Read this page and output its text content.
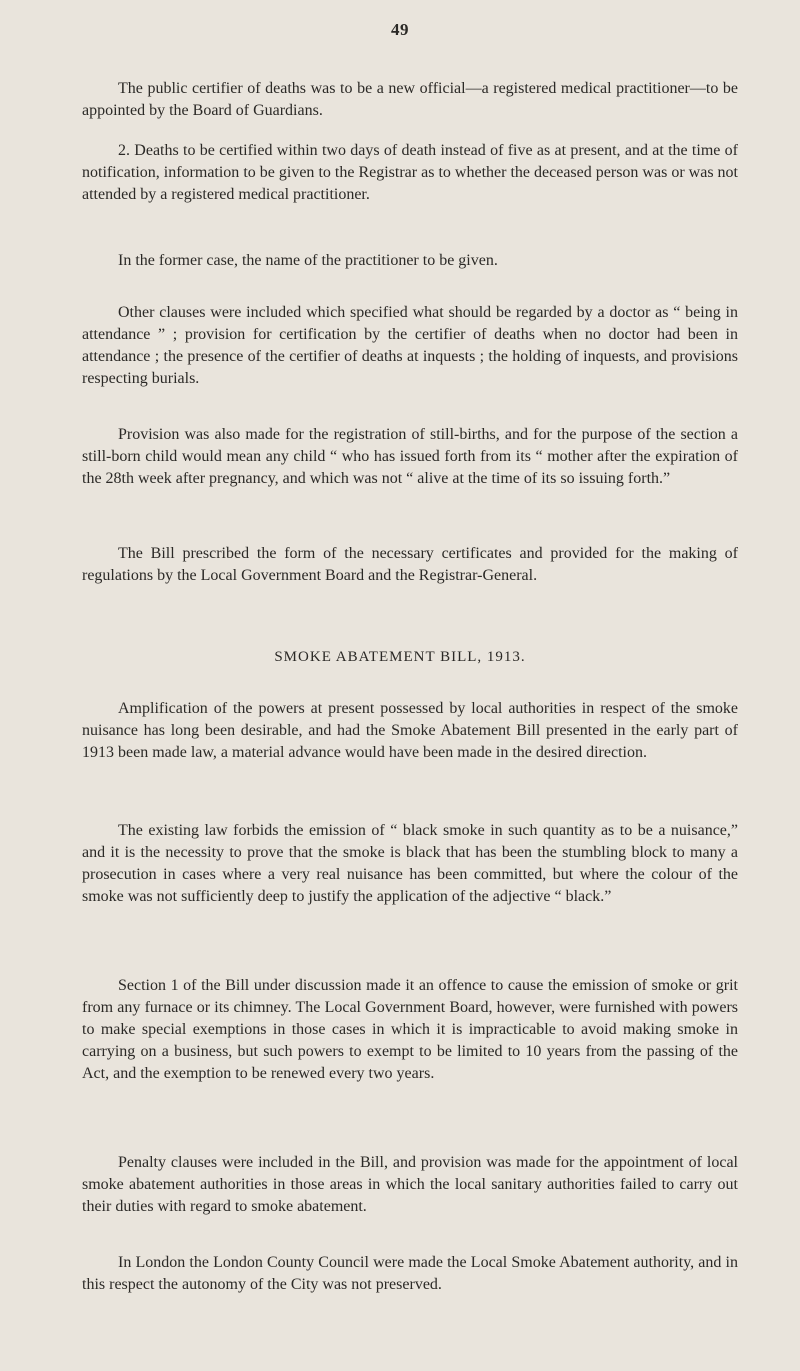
49

The public certifier of deaths was to be a new official—a registered medical practitioner—to be appointed by the Board of Guardians.

2. Deaths to be certified within two days of death instead of five as at present, and at the time of notification, information to be given to the Registrar as to whether the deceased person was or was not attended by a registered medical practitioner.

In the former case, the name of the practitioner to be given.

Other clauses were included which specified what should be regarded by a doctor as “ being in attendance ” ; provision for certification by the certifier of deaths when no doctor had been in attendance ; the presence of the certifier of deaths at inquests ; the holding of inquests, and provisions respecting burials.

Provision was also made for the registration of still-births, and for the purpose of the section a still-born child would mean any child “ who has issued forth from its “ mother after the expiration of the 28th week after pregnancy, and which was not “ alive at the time of its so issuing forth.”

The Bill prescribed the form of the necessary certificates and provided for the making of regulations by the Local Government Board and the Registrar-General.

SMOKE ABATEMENT BILL, 1913.

Amplification of the powers at present possessed by local authorities in respect of the smoke nuisance has long been desirable, and had the Smoke Abatement Bill presented in the early part of 1913 been made law, a material advance would have been made in the desired direction.

The existing law forbids the emission of “ black smoke in such quantity as to be a nuisance,” and it is the necessity to prove that the smoke is black that has been the stumbling block to many a prosecution in cases where a very real nuisance has been committed, but where the colour of the smoke was not sufficiently deep to justify the application of the adjective “ black.”

Section 1 of the Bill under discussion made it an offence to cause the emission of smoke or grit from any furnace or its chimney. The Local Government Board, however, were furnished with powers to make special exemptions in those cases in which it is impracticable to avoid making smoke in carrying on a business, but such powers to exempt to be limited to 10 years from the passing of the Act, and the exemption to be renewed every two years.

Penalty clauses were included in the Bill, and provision was made for the appointment of local smoke abatement authorities in those areas in which the local sanitary authorities failed to carry out their duties with regard to smoke abatement.

In London the London County Council were made the Local Smoke Abatement authority, and in this respect the autonomy of the City was not preserved.
